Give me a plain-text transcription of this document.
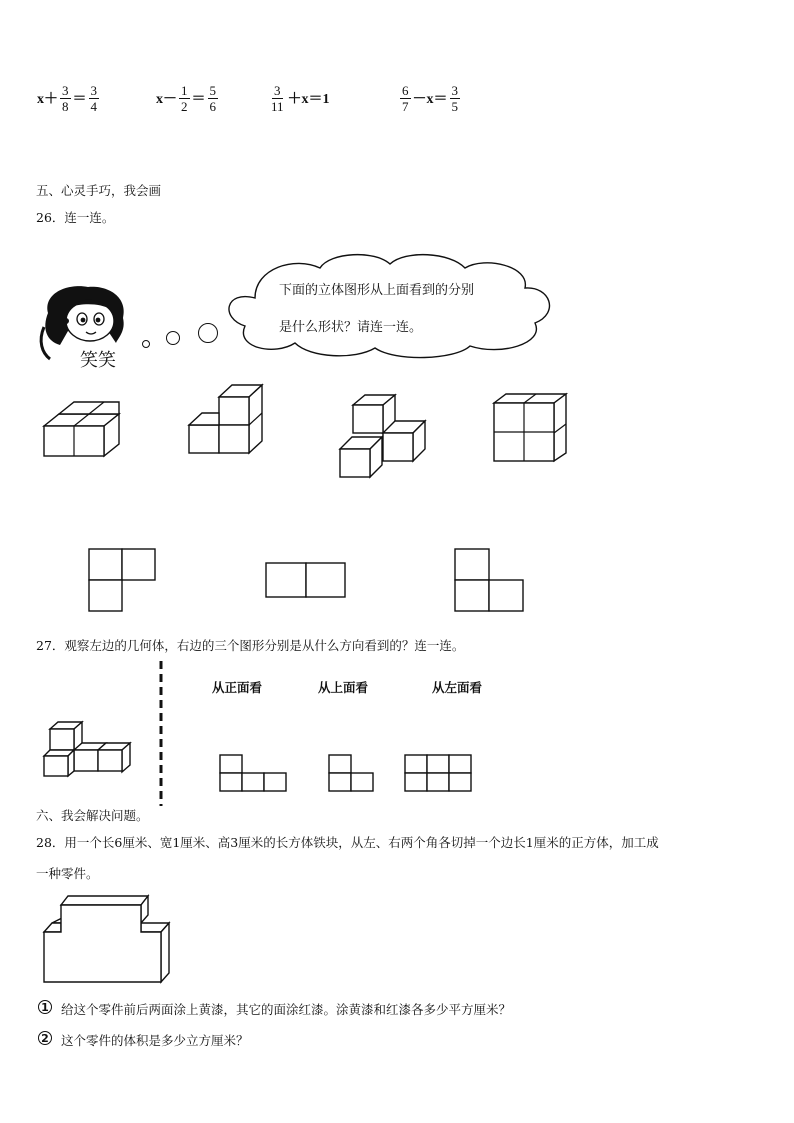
$x+ \frac{3}{8} = \frac{3}{4}$	$x- \frac{1}{2} = \frac{5}{6}$	$\frac{3}{11} +x=1$	$\frac{6}{7} -x= \frac{3}{5}$
五、心灵手巧，我会画
26．连一连。
下面的立体图形从上面看到的分别
是什么形状？请连一连。
笑笑
27．观察左边的几何体，右边的三个图形分别是从什么方向看到的？连一连。
从正面看	从上面看	从左面看
六、我会解决问题。
28．用一个长6厘米、宽1厘米、高3厘米的长方体铁块，从左、右两个角各切掉一个边长1厘米的正方体，加工成
一种零件。
1 给这个零件前后两面涂上黄漆，其它的面涂红漆。涂黄漆和红漆各多少平方厘米？
2 这个零件的体积是多少立方厘米？
